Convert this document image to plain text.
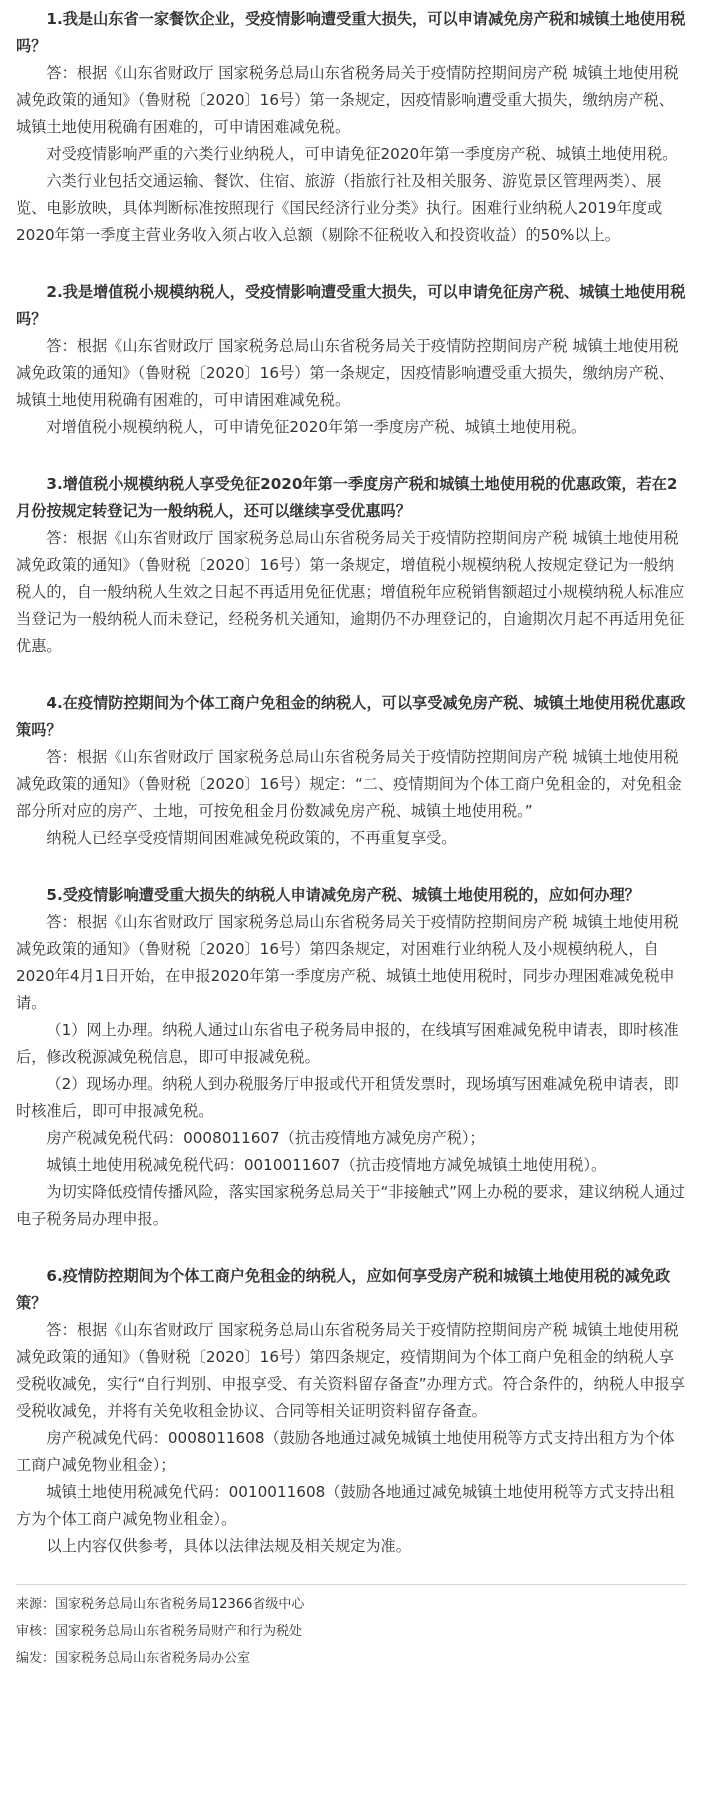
1.我是山东省一家餐饮企业，受疫情影响遭受重大损失，可以申请减免房产税和城镇土地使用税吗？

答：根据《山东省财政厅 国家税务总局山东省税务局关于疫情防控期间房产税 城镇土地使用税减免政策的通知》（鲁财税〔2020〕16号）第一条规定，因疫情影响遭受重大损失，缴纳房产税、城镇土地使用税确有困难的，可申请困难减免税。

对受疫情影响严重的六类行业纳税人，可申请免征2020年第一季度房产税、城镇土地使用税。

六类行业包括交通运输、餐饮、住宿、旅游（指旅行社及相关服务、游览景区管理两类）、展览、电影放映，具体判断标准按照现行《国民经济行业分类》执行。困难行业纳税人2019年度或2020年第一季度主营业务收入须占收入总额（剔除不征税收入和投资收益）的50%以上。

2.我是增值税小规模纳税人，受疫情影响遭受重大损失，可以申请免征房产税、城镇土地使用税吗？

答：根据《山东省财政厅 国家税务总局山东省税务局关于疫情防控期间房产税 城镇土地使用税减免政策的通知》（鲁财税〔2020〕16号）第一条规定，因疫情影响遭受重大损失，缴纳房产税、城镇土地使用税确有困难的，可申请困难减免税。

对增值税小规模纳税人，可申请免征2020年第一季度房产税、城镇土地使用税。

3.增值税小规模纳税人享受免征2020年第一季度房产税和城镇土地使用税的优惠政策，若在2月份按规定转登记为一般纳税人，还可以继续享受优惠吗？

答：根据《山东省财政厅 国家税务总局山东省税务局关于疫情防控期间房产税 城镇土地使用税减免政策的通知》（鲁财税〔2020〕16号）第一条规定，增值税小规模纳税人按规定登记为一般纳税人的，自一般纳税人生效之日起不再适用免征优惠；增值税年应税销售额超过小规模纳税人标准应当登记为一般纳税人而未登记，经税务机关通知，逾期仍不办理登记的，自逾期次月起不再适用免征优惠。

4.在疫情防控期间为个体工商户免租金的纳税人，可以享受减免房产税、城镇土地使用税优惠政策吗？

答：根据《山东省财政厅 国家税务总局山东省税务局关于疫情防控期间房产税 城镇土地使用税减免政策的通知》（鲁财税〔2020〕16号）规定：“二、疫情期间为个体工商户免租金的，对免租金部分所对应的房产、土地，可按免租金月份数减免房产税、城镇土地使用税。”

纳税人已经享受疫情期间困难减免税政策的，不再重复享受。

5.受疫情影响遭受重大损失的纳税人申请减免房产税、城镇土地使用税的，应如何办理？

答：根据《山东省财政厅 国家税务总局山东省税务局关于疫情防控期间房产税 城镇土地使用税减免政策的通知》（鲁财税〔2020〕16号）第四条规定，对困难行业纳税人及小规模纳税人，自2020年4月1日开始，在申报2020年第一季度房产税、城镇土地使用税时，同步办理困难减免税申请。

（1）网上办理。纳税人通过山东省电子税务局申报的，在线填写困难减免税申请表，即时核准后，修改税源减免税信息，即可申报减免税。

（2）现场办理。纳税人到办税服务厅申报或代开租赁发票时，现场填写困难减免税申请表，即时核准后，即可申报减免税。

房产税减免税代码：0008011607（抗击疫情地方减免房产税）；

城镇土地使用税减免税代码：0010011607（抗击疫情地方减免城镇土地使用税）。

为切实降低疫情传播风险，落实国家税务总局关于“非接触式”网上办税的要求，建议纳税人通过电子税务局办理申报。

6.疫情防控期间为个体工商户免租金的纳税人，应如何享受房产税和城镇土地使用税的减免政策？

答：根据《山东省财政厅 国家税务总局山东省税务局关于疫情防控期间房产税 城镇土地使用税减免政策的通知》（鲁财税〔2020〕16号）第四条规定，疫情期间为个体工商户免租金的纳税人享受税收减免，实行“自行判别、申报享受、有关资料留存备查”办理方式。符合条件的，纳税人申报享受税收减免，并将有关免收租金协议、合同等相关证明资料留存备查。

房产税减免代码：0008011608（鼓励各地通过减免城镇土地使用税等方式支持出租方为个体工商户减免物业租金）；

城镇土地使用税减免代码：0010011608（鼓励各地通过减免城镇土地使用税等方式支持出租方为个体工商户减免物业租金）。

以上内容仅供参考，具体以法律法规及相关规定为准。

来源：国家税务总局山东省税务局12366省级中心

审核：国家税务总局山东省税务局财产和行为税处

编发：国家税务总局山东省税务局办公室
